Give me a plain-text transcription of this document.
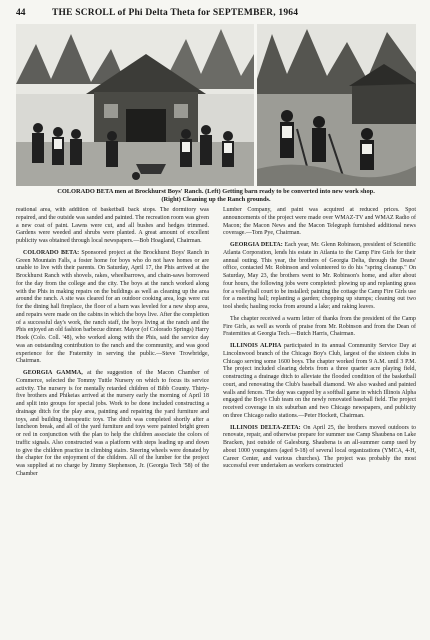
44	THE SCROLL of Phi Delta Theta for SEPTEMBER, 1964
COLORADO BETA men at Brockhurst Boys' Ranch. (Left) Getting barn ready to be converted into new work shop.
(Right) Cleaning up the Ranch grounds.

reational area, with addition of basketball back stops. The dormitory was repaired, and the outside was sanded and painted. The recreation room was given a new coat of paint. Lawns were cut, and all bushes and hedges trimmed. Gardens were weeded and shrubs were planted. A great amount of excellent publicity was obtained through local newspapers.—Bob Hoagland, Chairman.

COLORADO BETA: Sponsored project at the Brockhurst Boys' Ranch in Green Mountain Falls, a foster home for boys who do not have homes or are unable to live with their parents. On Saturday, April 17, the Phis arrived at the Brockhurst Ranch with shovels, rakes, wheelbarrows, and chain-saws borrowed for the day from the college and the city. The boys at the ranch worked along with the Phis in making repairs on the buildings as well as cleaning up the area around the ranch. A site was cleared for an outdoor cooking area, logs were cut for the dining hall fireplace, the floor of a barn was leveled for a new shop area, and repairs were made on the cabins in which the boys live. After the completion of a successful day's work, the ranch staff, the boys living at the ranch and the Phis enjoyed an old fashion barbecue dinner. Mayor (of Colorado Springs) Harry Hoek (Colo. Coll. '48), who worked along with the Phis, said the service day was an outstanding contribution to the ranch and the community, and was good experience for the Fraternity in serving the public.—Steve Trowbridge, Chairman.

GEORGIA GAMMA, at the suggestion of the Macon Chamber of Commerce, selected the Tommy Tuttle Nursery on which to focus its service activity. The nursery is for mentally retarded children of Bibb County. Thirty-five brothers and Phikeias arrived at the nursery early the morning of April 18 and split into groups for special jobs. Work to be done included constructing a drainage ditch for the play area, painting and repairing the yard furniture and toys, and building therapeutic toys. The ditch was completed shortly after a luncheon break, and all of the yard furniture and toys were painted bright green or red in conjunction with the plan to help the children associate the colors of traffic signals. Also constructed was a platform with steps leading up and down to give the children practice in climbing stairs. Steering wheels were donated by the chapter for the enjoyment of the children. All of the lumber for the project was supplied at no charge by Jimmy Stephenson, Jr. (Georgia Tech '58) of the Chamber

Lumber Company, and paint was acquired at reduced prices. Spot announcements of the project were made over WMAZ-TV and WMAZ Radio of Macon; the Macon News and the Macon Telegraph furnished additional news coverage.—Tom Pye, Chairman.

GEORGIA DELTA: Each year, Mr. Glenn Robinson, president of Scientific Atlanta Corporation, lends his estate in Atlanta to the Camp Fire Girls for their annual outing. This year, the brothers of Georgia Delta, through the Deans' office, contacted Mr. Robinson and volunteered to do his "spring cleanup." On Saturday, May 23, the brothers went to Mr. Robinson's home, and after about four hours, the following jobs were completed: plowing up and replanting grass for a volleyball court to be installed; painting the cottage the Camp Fire Girls use for a meeting hall; replanting a garden; chopping up stumps; cleaning out two tool sheds; hauling rocks from around a lake; and raking leaves.

The chapter received a warm letter of thanks from the president of the Camp Fire Girls, as well as words of praise from Mr. Robinson and from the Dean of Fraternities at Georgia Tech.—Butch Harris, Chairman.

ILLINOIS ALPHA participated in its annual Community Service Day at Lincolnwood branch of the Chicago Boy's Club, largest of the sixteen clubs in Chicago serving some 1600 boys. The chapter worked from 9 A.M. until 3 P.M. The project included clearing debris from a three quarter acre playing field, constructing a drainage ditch to alleviate the flooded condition of the basketball court, and renovating the Club's baseball diamond. We also washed and painted walls and fences. The day was capped by a softball game in which Illinois Alpha engaged the Boy's Club team on the newly renovated baseball field. The project received coverage in six suburban and two Chicago newspapers, and publicity on three Chicago radio stations.—Peter Hockett, Chairman.

ILLINOIS DELTA-ZETA: On April 25, the brothers moved outdoors to renovate, repair, and otherwise prepare for summer use Camp Shaubena on Lake Bracken, just outside of Galesburg. Shaubena is an all-summer camp used by about 1000 youngsters (aged 9-18) of several local organizations (YMCA, 4-H, Career Center, and various churches). The project was probably the most successful ever undertaken as workers constructed
